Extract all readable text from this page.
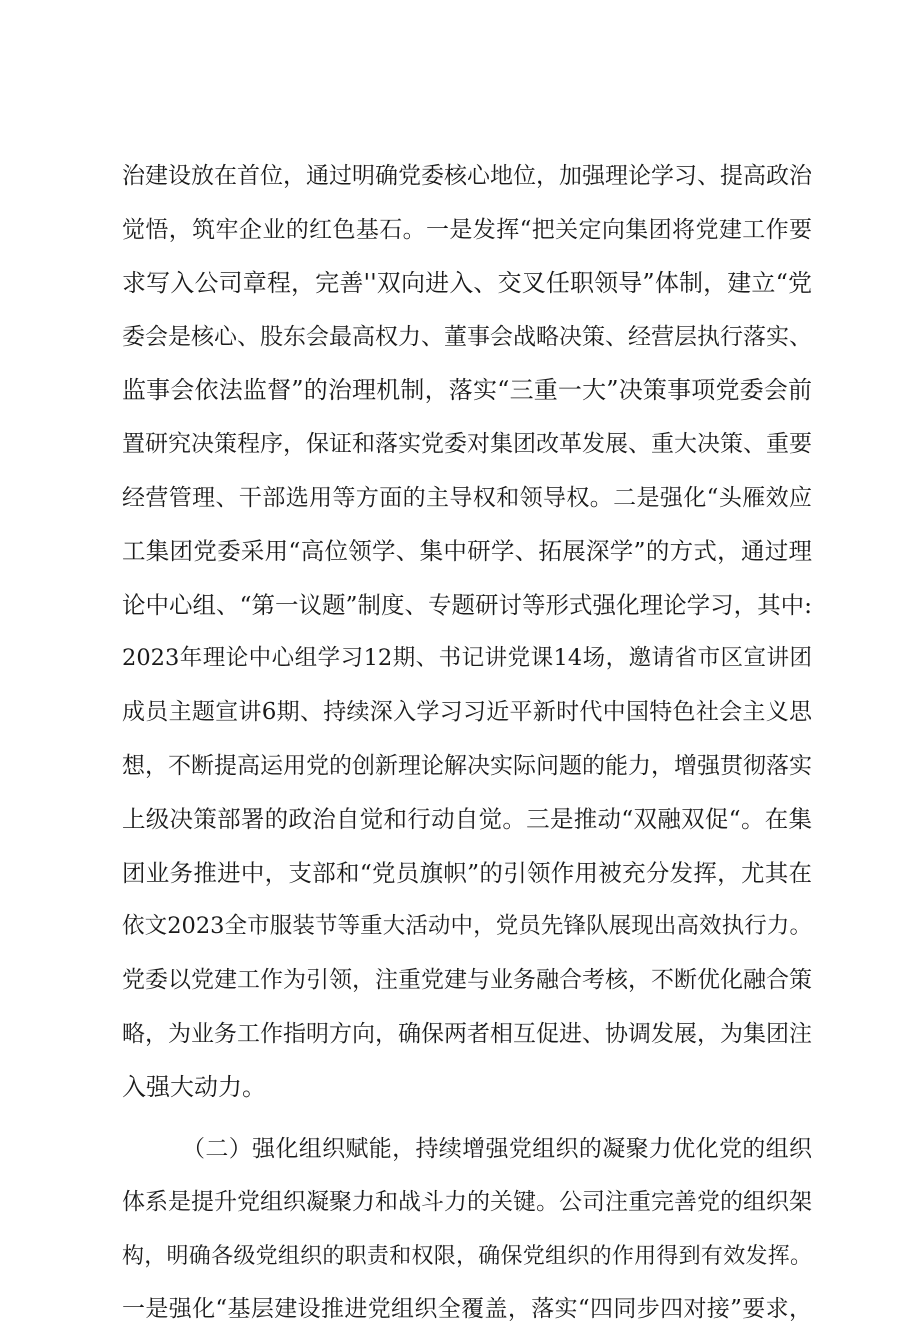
治建设放在首位，通过明确党委核心地位，加强理论学习、提高政治
觉悟，筑牢企业的红色基石。一是发挥“把关定向集团将党建工作要
求写入公司章程，完善''双向进入、交叉任职领导”体制，建立“党
委会是核心、股东会最高权力、董事会战略决策、经营层执行落实、
监事会依法监督”的治理机制，落实“三重一大”决策事项党委会前
置研究决策程序，保证和落实党委对集团改革发展、重大决策、重要
经营管理、干部选用等方面的主导权和领导权。二是强化“头雁效应
工集团党委采用“高位领学、集中研学、拓展深学”的方式，通过理
论中心组、“第一议题”制度、专题研讨等形式强化理论学习，其中:
2023年理论中心组学习12期、书记讲党课14场，邀请省市区宣讲团
成员主题宣讲6期、持续深入学习习近平新时代中国特色社会主义思
想，不断提高运用党的创新理论解决实际问题的能力，增强贯彻落实
上级决策部署的政治自觉和行动自觉。三是推动“双融双促“。在集
团业务推进中，支部和“党员旗帜”的引领作用被充分发挥，尤其在
依文2023全市服装节等重大活动中，党员先锋队展现出高效执行力。
党委以党建工作为引领，注重党建与业务融合考核，不断优化融合策
略，为业务工作指明方向，确保两者相互促进、协调发展，为集团注
入强大动力。
（二）强化组织赋能，持续增强党组织的凝聚力优化党的组织
体系是提升党组织凝聚力和战斗力的关键。公司注重完善党的组织架
构，明确各级党组织的职责和权限，确保党组织的作用得到有效发挥。
一是强化“基层建设推进党组织全覆盖，落实“四同步四对接”要求，
